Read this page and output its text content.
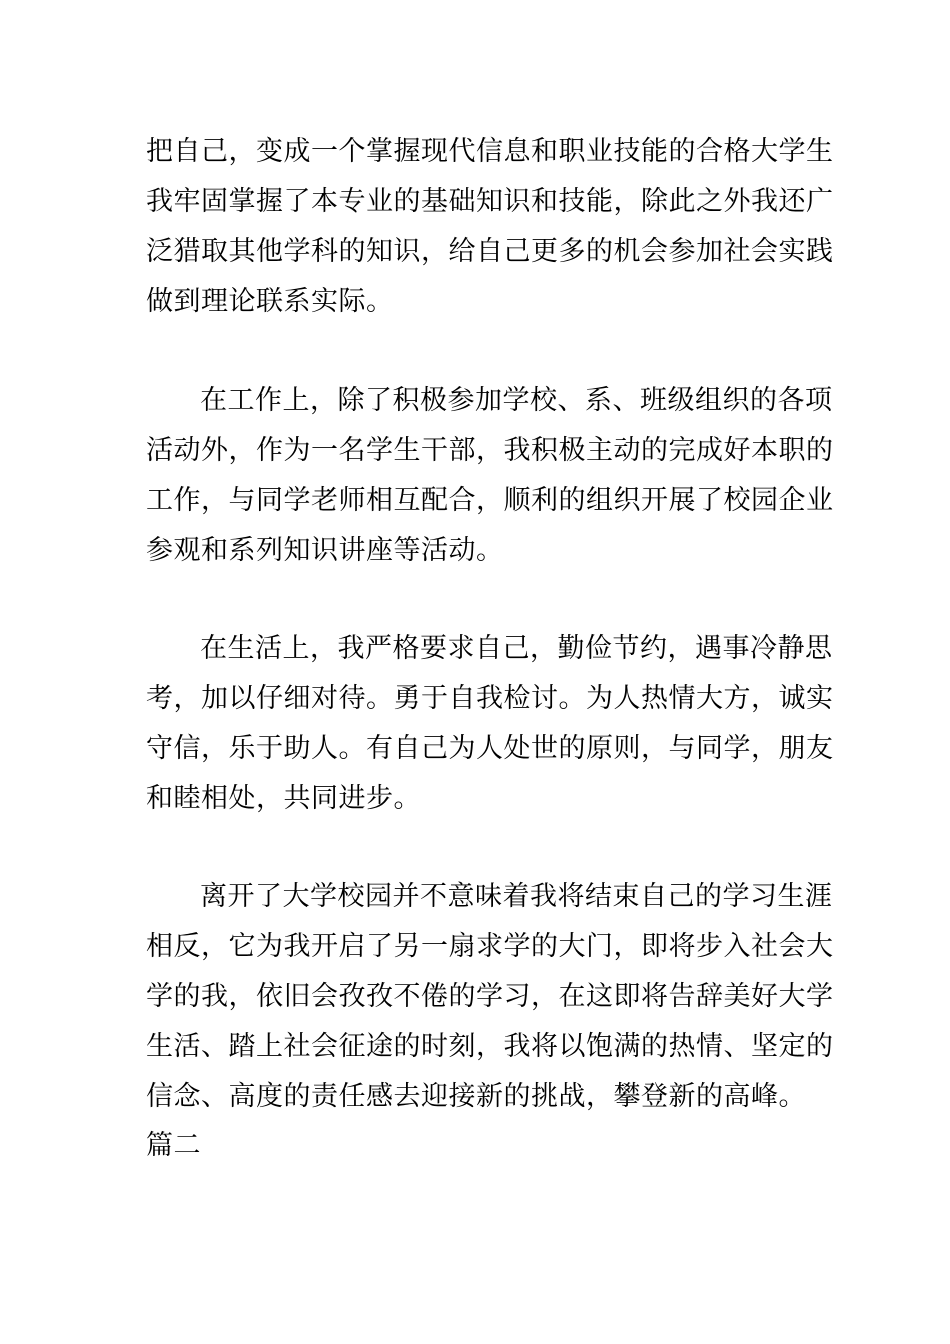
把自己，变成一个掌握现代信息和职业技能的合格大学生
我牢固掌握了本专业的基础知识和技能，除此之外我还广
泛猎取其他学科的知识，给自己更多的机会参加社会实践
做到理论联系实际。
在工作上，除了积极参加学校、系、班级组织的各项
活动外，作为一名学生干部，我积极主动的完成好本职的
工作，与同学老师相互配合，顺利的组织开展了校园企业
参观和系列知识讲座等活动。
在生活上，我严格要求自己，勤俭节约，遇事冷静思
考，加以仔细对待。勇于自我检讨。为人热情大方，诚实
守信，乐于助人。有自己为人处世的原则，与同学，朋友
和睦相处，共同进步。
离开了大学校园并不意味着我将结束自己的学习生涯
相反，它为我开启了另一扇求学的大门，即将步入社会大
学的我，依旧会孜孜不倦的学习，在这即将告辞美好大学
生活、踏上社会征途的时刻，我将以饱满的热情、坚定的
信念、高度的责任感去迎接新的挑战，攀登新的高峰。
篇二
